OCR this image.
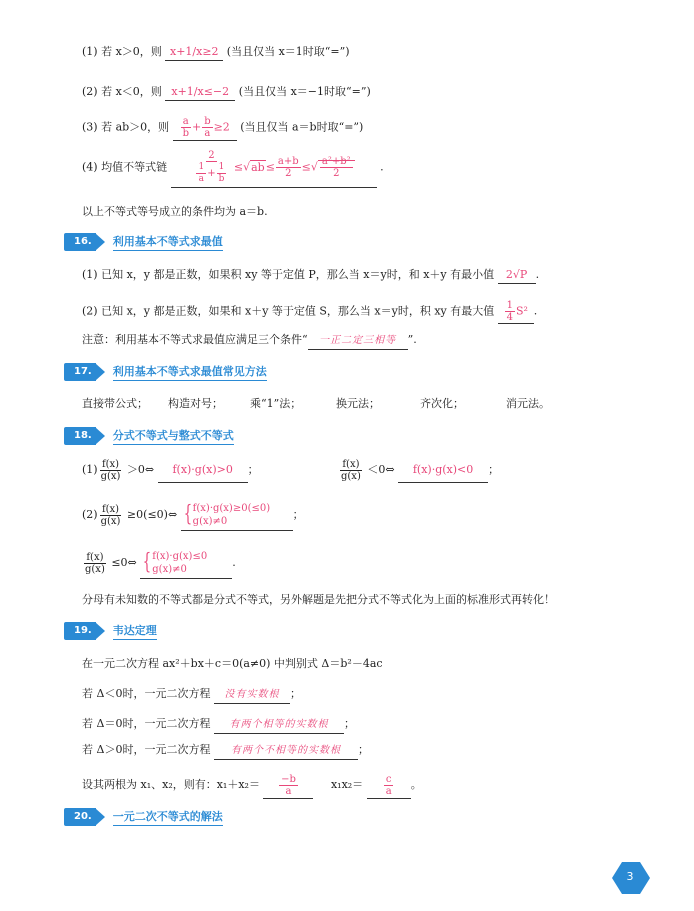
(1) 若 x＞0，则 x+1/x≥2 (当且仅当 x＝1时取“=”)
(2) 若 x＜0，则 x+1/x≤−2 (当且仅当 x＝−1时取“=”)
(3) 若 ab＞0，则 $\frac{a}{b} + \frac{b}{a} \ge 2$ (当且仅当 a＝b时取“=”)
(4) 均值不等式链	$\frac{2}{\frac{1}{a} + \frac{1}{b}} \le√ab\le \frac{a+b}{2}$ ≤√ $\frac{\text{a²+b²}}{2}$ .
以上不等式等号成立的条件均为 a＝b.
16.	利用基本不等式求最值
(1) 已知 x，y 都是正数，如果积 xy 等于定值 P，那么当 x＝y时，和 x＋y 有最小值 2√P .
(2) 已知 x，y 都是正数，如果和 x＋y 等于定值 S，那么当 x＝y时，积 xy 有最大值 $\frac{1}{4} S^2$.
注意：利用基本不等式求最值应满足三个条件“ 一正二定三相等 ”.
17.	利用基本不等式求最值常见方法
直接带公式； 构造对号； 乘“1”法；	换元法；	齐次化；	消元法。
18.	分式不等式与整式不等式
$(1) \frac{f(x)}{g(x)}$ ＞0⇔ f(x)·g(x)>0 ；	$\frac{f(x)}{g(x)}$ ＜0⇔ f(x)·g(x)<0 ；
$(2) \frac{f(x)}{g(x)}$ ≥0(≤0)⇔ { f(x)·g(x)≥0(≤0)
g(x)≠0
；
$\frac{f(x)}{g(x)}$ ≤0⇔ { f(x)·g(x)≤0
g(x)≠0
.
分母有未知数的不等式都是分式不等式，另外解题是先把分式不等式化为上面的标准形式再转化！
19.	韦达定理
在一元二次方程 ax²＋bx＋c＝0(a≠0) 中判别式 Δ＝b²－4ac
若 Δ＜0时，一元二次方程 没有实数根 ；
若 Δ＝0时，一元二次方程 有两个相等的实数根 ；
若 Δ＞0时，一元二次方程 有两个不相等的实数根 ；
设其两根为 x₁、x₂，则有：$x_1+x_2= \frac{-b}{a}$	$x_1x_2= \frac{c}{a}$ 。
20.	一元二次不等式的解法
3
